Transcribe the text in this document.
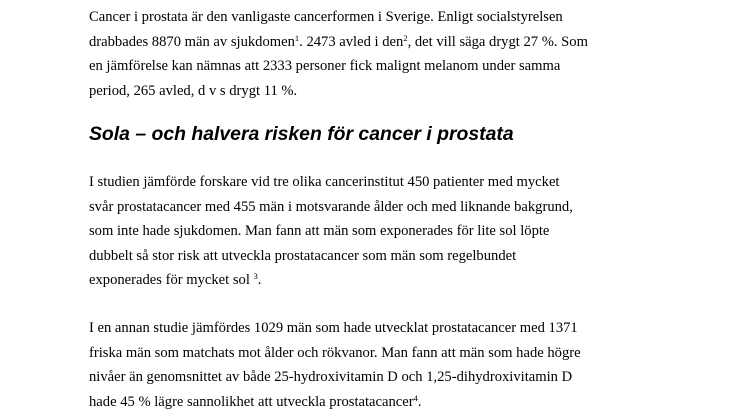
Cancer i prostata är den vanligaste cancerformen i Sverige. Enligt socialstyrelsen
drabbades 8870 män av sjukdomen$^1$. 2473 avled i den$^2$, det vill säga drygt 27 %. Som
en jämförelse kan nämnas att 2333 personer fick malignt melanom under samma
period, 265 avled, d v s drygt 11 %.

Sola – och halvera risken för cancer i prostata

I studien jämförde forskare vid tre olika cancerinstitut 450 patienter med mycket
svår prostatacancer med 455 män i motsvarande ålder och med liknande bakgrund,
som inte hade sjukdomen. Man fann att män som exponerades för lite sol löpte
dubbelt så stor risk att utveckla prostatacancer som män som regelbundet
exponerades för mycket sol $^3$.

I en annan studie jämfördes 1029 män som hade utvecklat prostatacancer med 1371
friska män som matchats mot ålder och rökvanor. Man fann att män som hade högre
nivåer än genomsnittet av både 25-hydroxivitamin D och 1,25-dihydroxivitamin D
hade 45 % lägre sannolikhet att utveckla prostatacancer$^4$.
